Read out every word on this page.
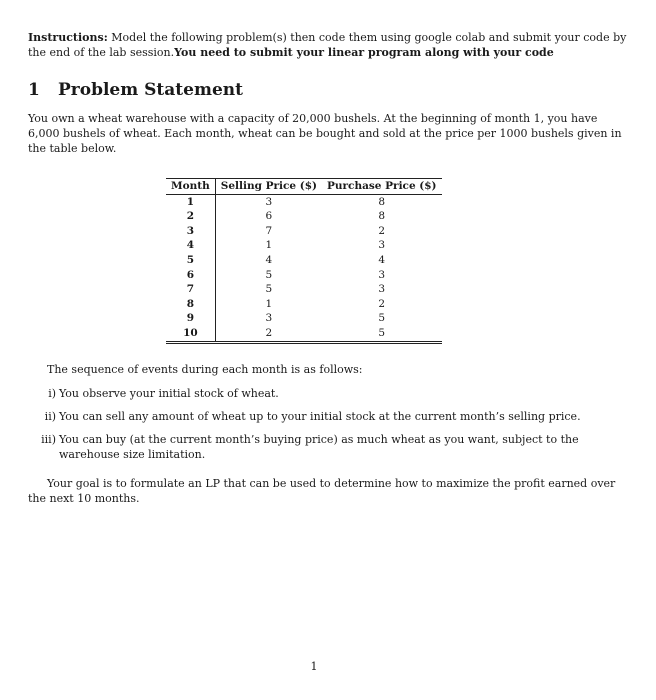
Instructions: Model the following problem(s) then code them using google colab and submit your code by the end of the lab session.You need to submit your linear program along with your code
1 Problem Statement
You own a wheat warehouse with a capacity of 20,000 bushels. At the beginning of month 1, you have 6,000 bushels of wheat. Each month, wheat can be bought and sold at the price per 1000 bushels given in the table below.
Month	Selling Price ($)	Purchase Price ($)
1	3	8
2	6	8
3	7	2
4	1	3
5	4	4
6	5	3
7	5	3
8	1	2
9	3	5
10	2	5
The sequence of events during each month is as follows:
i) You observe your initial stock of wheat.
ii) You can sell any amount of wheat up to your initial stock at the current month’s selling price.
iii) You can buy (at the current month’s buying price) as much wheat as you want, subject to the warehouse size limitation.
Your goal is to formulate an LP that can be used to determine how to maximize the profit earned over the next 10 months.
1
